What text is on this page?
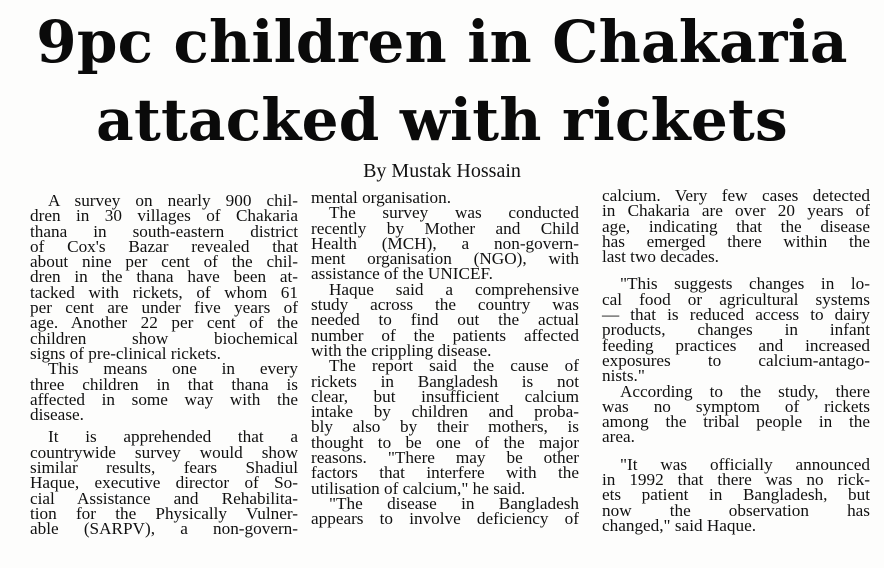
9pc children in Chakaria
attacked with rickets
By Mustak Hossain
A survey on nearly 900 chil-
dren in 30 villages of Chakaria
thana in south-eastern district
of Cox's Bazar revealed that
about nine per cent of the chil-
dren in the thana have been at-
tacked with rickets, of whom 61
per cent are under five years of
age. Another 22 per cent of the
children show biochemical
signs of pre-clinical rickets.
This means one in every
three children in that thana is
affected in some way with the
disease.
It is apprehended that a
countrywide survey would show
similar results, fears Shadiul
Haque, executive director of So-
cial Assistance and Rehabilita-
tion for the Physically Vulner-
able (SARPV), a non-govern-
mental organisation.
The survey was conducted
recently by Mother and Child
Health (MCH), a non-govern-
ment organisation (NGO), with
assistance of the UNICEF.
Haque said a comprehensive
study across the country was
needed to find out the actual
number of the patients affected
with the crippling disease.
The report said the cause of
rickets in Bangladesh is not
clear, but insufficient calcium
intake by children and proba-
bly also by their mothers, is
thought to be one of the major
reasons. "There may be other
factors that interfere with the
utilisation of calcium," he said.
"The disease in Bangladesh
appears to involve deficiency of
calcium. Very few cases detected
in Chakaria are over 20 years of
age, indicating that the disease
has emerged there within the
last two decades.
"This suggests changes in lo-
cal food or agricultural systems
— that is reduced access to dairy
products, changes in infant
feeding practices and increased
exposures to calcium-antago-
nists."
According to the study, there
was no symptom of rickets
among the tribal people in the
area.
"It was officially announced
in 1992 that there was no rick-
ets patient in Bangladesh, but
now the observation has
changed," said Haque.
